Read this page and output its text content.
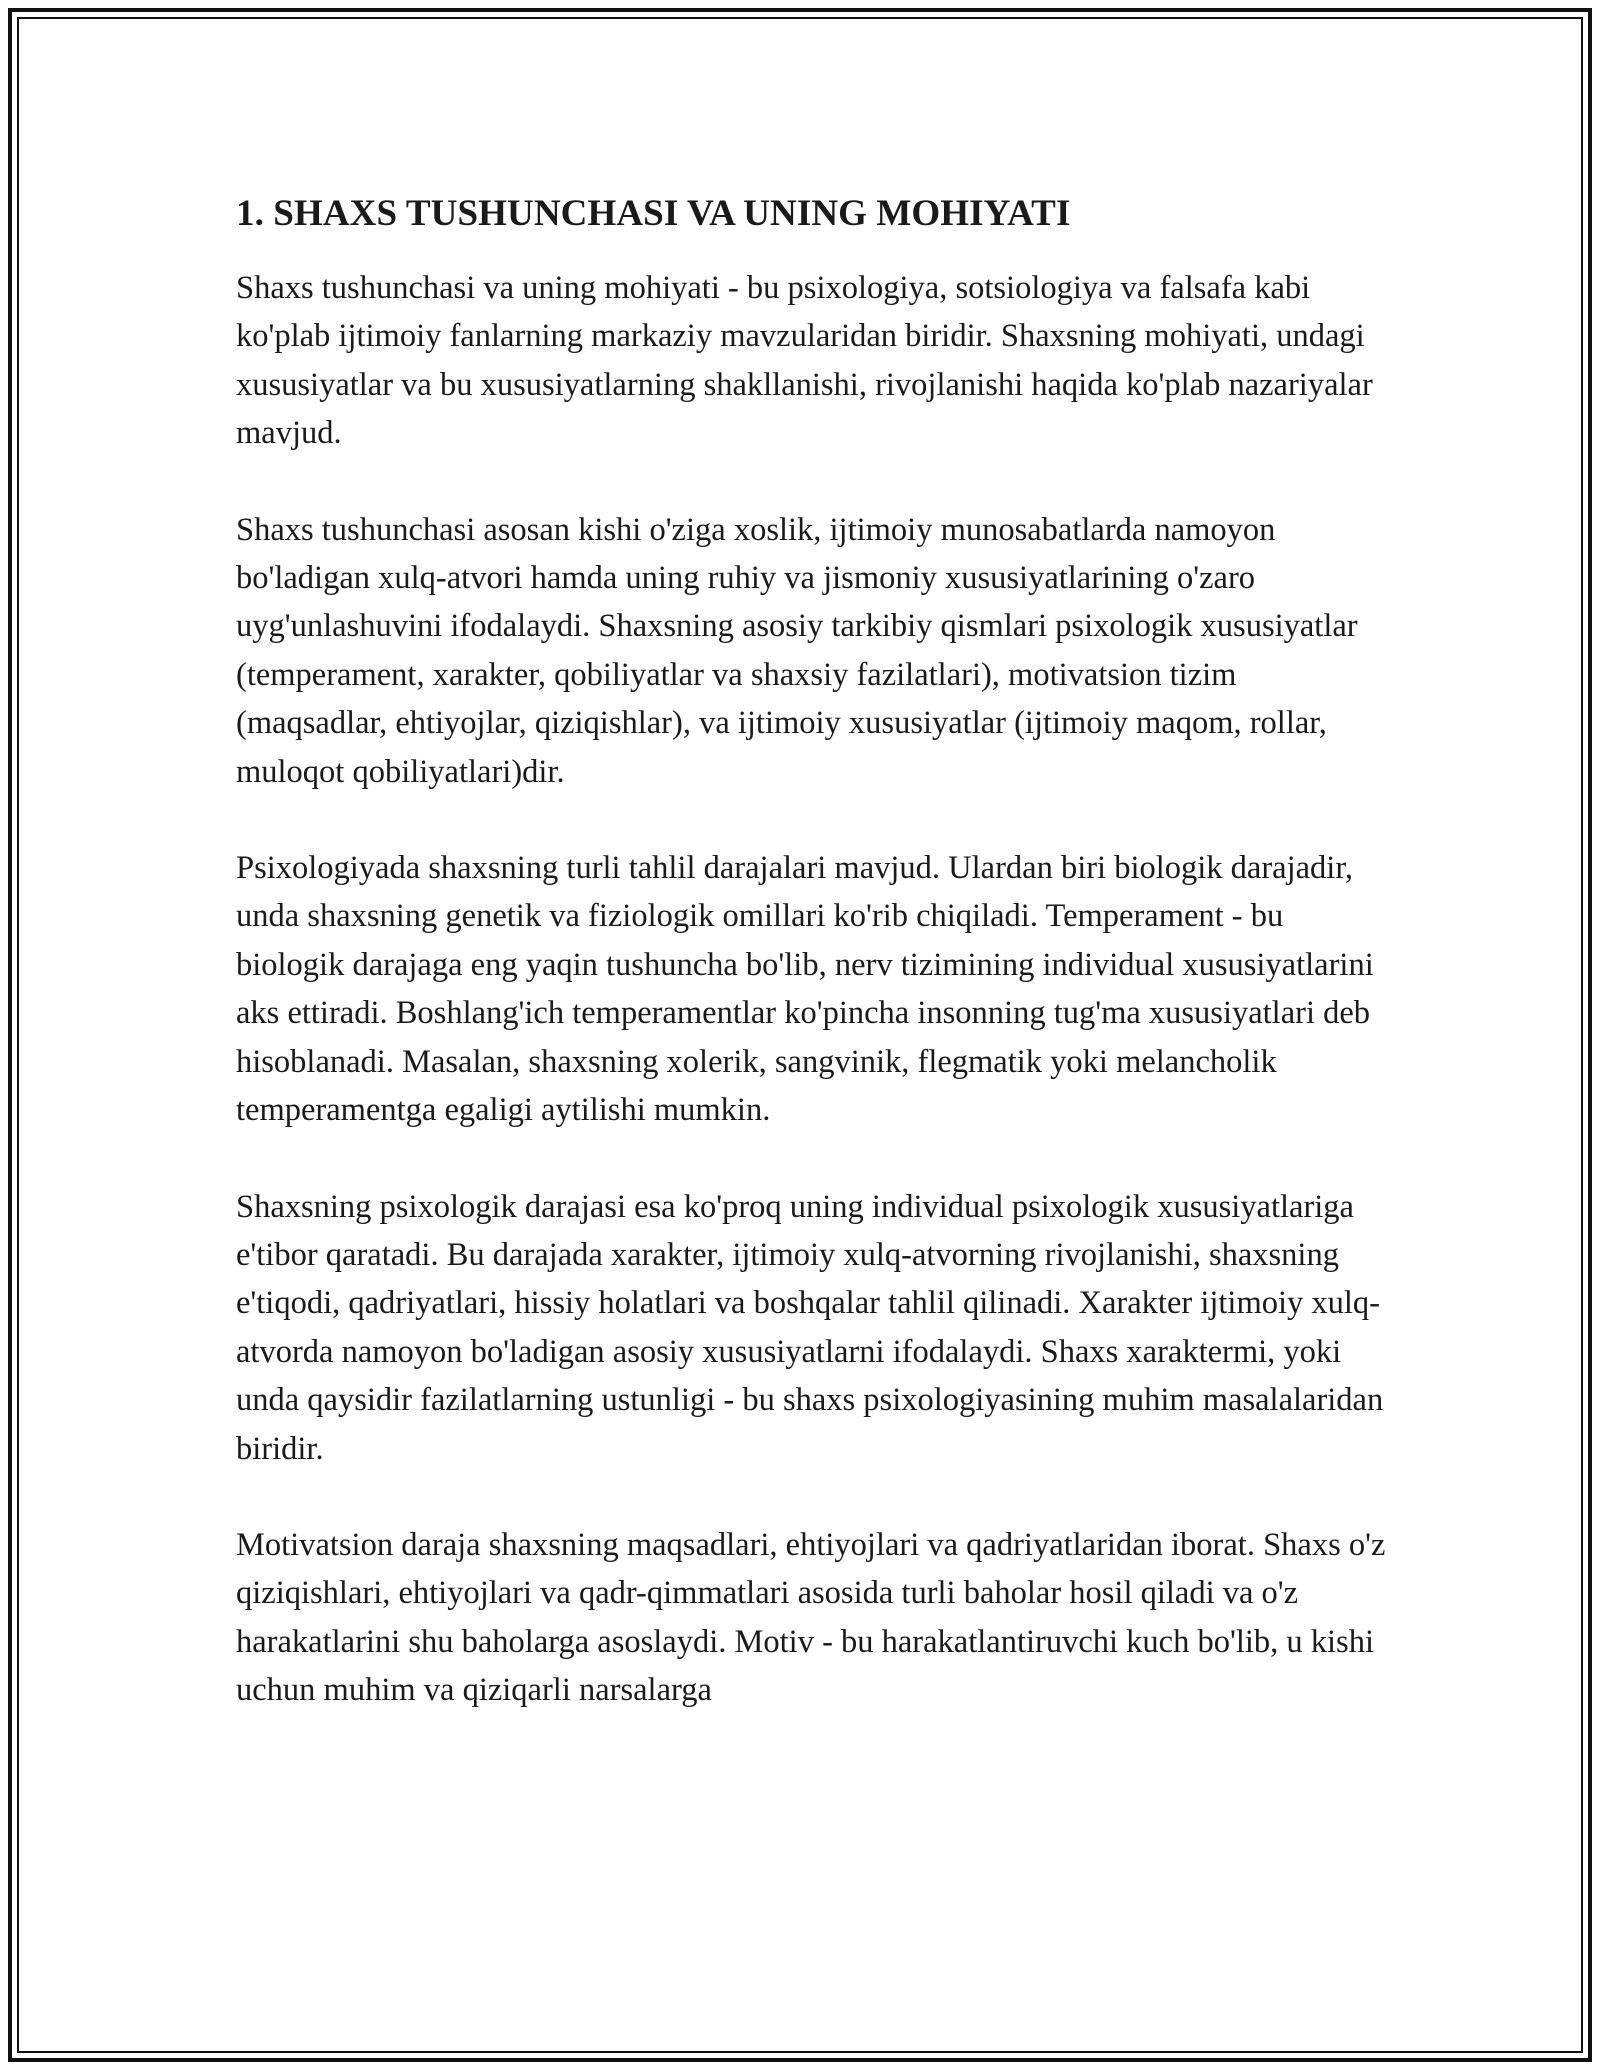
1. SHAXS TUSHUNCHASI VA UNING MOHIYATI

Shaxs tushunchasi va uning mohiyati - bu psixologiya, sotsiologiya va falsafa kabi ko'plab ijtimoiy fanlarning markaziy mavzularidan biridir. Shaxsning mohiyati, undagi xususiyatlar va bu xususiyatlarning shakllanishi, rivojlanishi haqida ko'plab nazariyalar mavjud.

Shaxs tushunchasi asosan kishi o'ziga xoslik, ijtimoiy munosabatlarda namoyon bo'ladigan xulq-atvori hamda uning ruhiy va jismoniy xususiyatlarining o'zaro uyg'unlashuvini ifodalaydi. Shaxsning asosiy tarkibiy qismlari psixologik xususiyatlar (temperament, xarakter, qobiliyatlar va shaxsiy fazilatlari), motivatsion tizim (maqsadlar, ehtiyojlar, qiziqishlar), va ijtimoiy xususiyatlar (ijtimoiy maqom, rollar, muloqot qobiliyatlari)dir.

Psixologiyada shaxsning turli tahlil darajalari mavjud. Ulardan biri biologik darajadir, unda shaxsning genetik va fiziologik omillari ko'rib chiqiladi. Temperament - bu biologik darajaga eng yaqin tushuncha bo'lib, nerv tizimining individual xususiyatlarini aks ettiradi. Boshlang'ich temperamentlar ko'pincha insonning tug'ma xususiyatlari deb hisoblanadi. Masalan, shaxsning xolerik, sangvinik, flegmatik yoki melancholik temperamentga egaligi aytilishi mumkin.

Shaxsning psixologik darajasi esa ko'proq uning individual psixologik xususiyatlariga e'tibor qaratadi. Bu darajada xarakter, ijtimoiy xulq-atvorning rivojlanishi, shaxsning e'tiqodi, qadriyatlari, hissiy holatlari va boshqalar tahlil qilinadi. Xarakter ijtimoiy xulq-atvorda namoyon bo'ladigan asosiy xususiyatlarni ifodalaydi. Shaxs xaraktermi, yoki unda qaysidir fazilatlarning ustunligi - bu shaxs psixologiyasining muhim masalalaridan biridir.

Motivatsion daraja shaxsning maqsadlari, ehtiyojlari va qadriyatlaridan iborat. Shaxs o'z qiziqishlari, ehtiyojlari va qadr-qimmatlari asosida turli baholar hosil qiladi va o'z harakatlarini shu baholarga asoslaydi. Motiv - bu harakatlantiruvchi kuch bo'lib, u kishi uchun muhim va qiziqarli narsalarga
